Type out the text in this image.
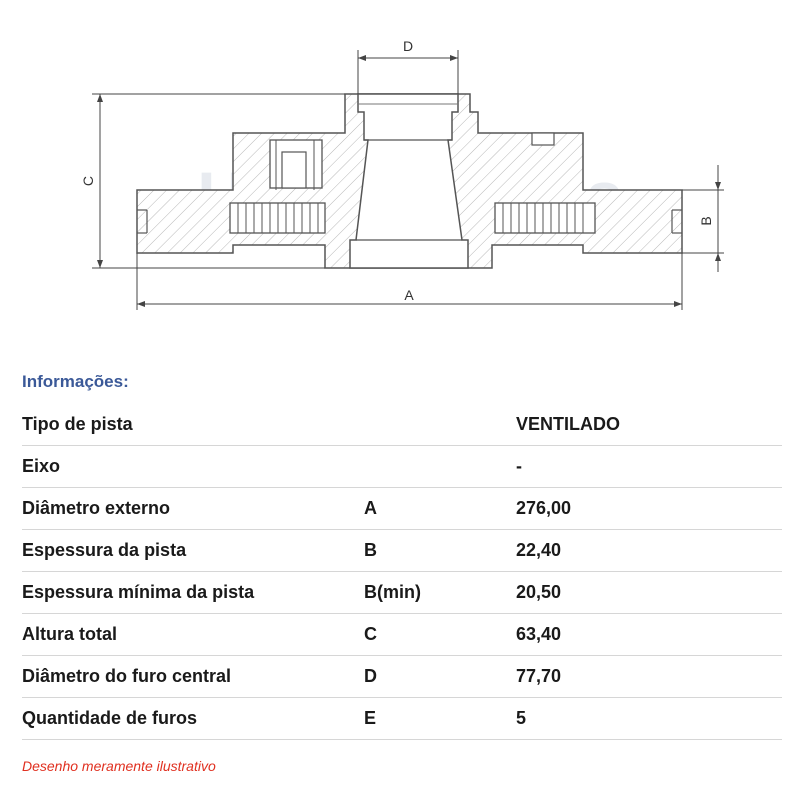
D
C
B
A
Informações:
Tipo de pista		VENTILADO
Eixo		-
Diâmetro externo	A	276,00
Espessura da pista	B	22,40
Espessura mínima da pista	B(min)	20,50
Altura total	C	63,40
Diâmetro do furo central	D	77,70
Quantidade de furos	E	5
Desenho meramente ilustrativo
